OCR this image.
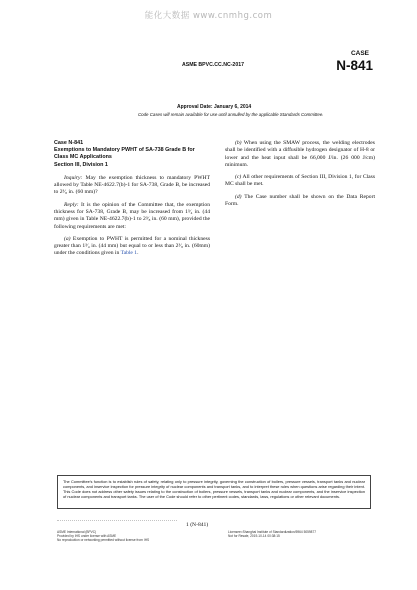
能化大数据 www.cnmhg.com
ASME BPVC.CC.NC-2017
CASE
N-841
Approval Date: January 6, 2014
Code Cases will remain available for use until annulled by the applicable Standards Committee.
Case N-841
Exemptions to Mandatory PWHT of SA-738 Grade B for
Class MC Applications
Section III, Division 1

Inquiry: May the exemption thickness to mandatory PWHT allowed by Table NE-4622.7(b)-1 for SA-738, Grade B, be increased to 2³⁄₈ in. (60 mm)?

Reply: It is the opinion of the Committee that, the exemption thickness for SA-738, Grade B, may be increased from 1³⁄₄ in. (44 mm) given in Table NE-4622.7(b)-1 to 2³⁄₈ in. (60 mm), provided the following requirements are met:

(a) Exemption to PWHT is permitted for a nominal thickness greater than 1³⁄₄ in. (44 mm) but equal to or less than 2³⁄₈ in. (60mm) under the conditions given in Table 1.

(b) When using the SMAW process, the welding electrodes shall be identified with a diffusible hydrogen designator of H-8 or lower and the heat input shall be 66,000 J/in. (26 000 J/cm) minimum.

(c) All other requirements of Section III, Division 1, for Class MC shall be met.

(d) The Case number shall be shown on the Data Report Form.

The Committee's function is to establish rules of safety, relating only to pressure integrity, governing the construction of boilers, pressure vessels, transport tanks and nuclear components, and inservice inspection for pressure integrity of nuclear components and transport tanks, and to interpret these rules when questions arise regarding their intent. This Code does not address other safety issues relating to the construction of boilers, pressure vessels, transport tanks and nuclear components, and the inservice inspection of nuclear components and transport tanks. The user of the Code should refer to other pertinent codes, standards, laws, regulations or other relevant documents.
1 (N-841)
ASME International (BPVC)
Provided by IHS under license with ASME
No reproduction or networking permitted without license from IHS
Licensee=Shanghai Institute of Standardization/5964 5059877
Not for Resale, 2019-10-14 00:38:15
